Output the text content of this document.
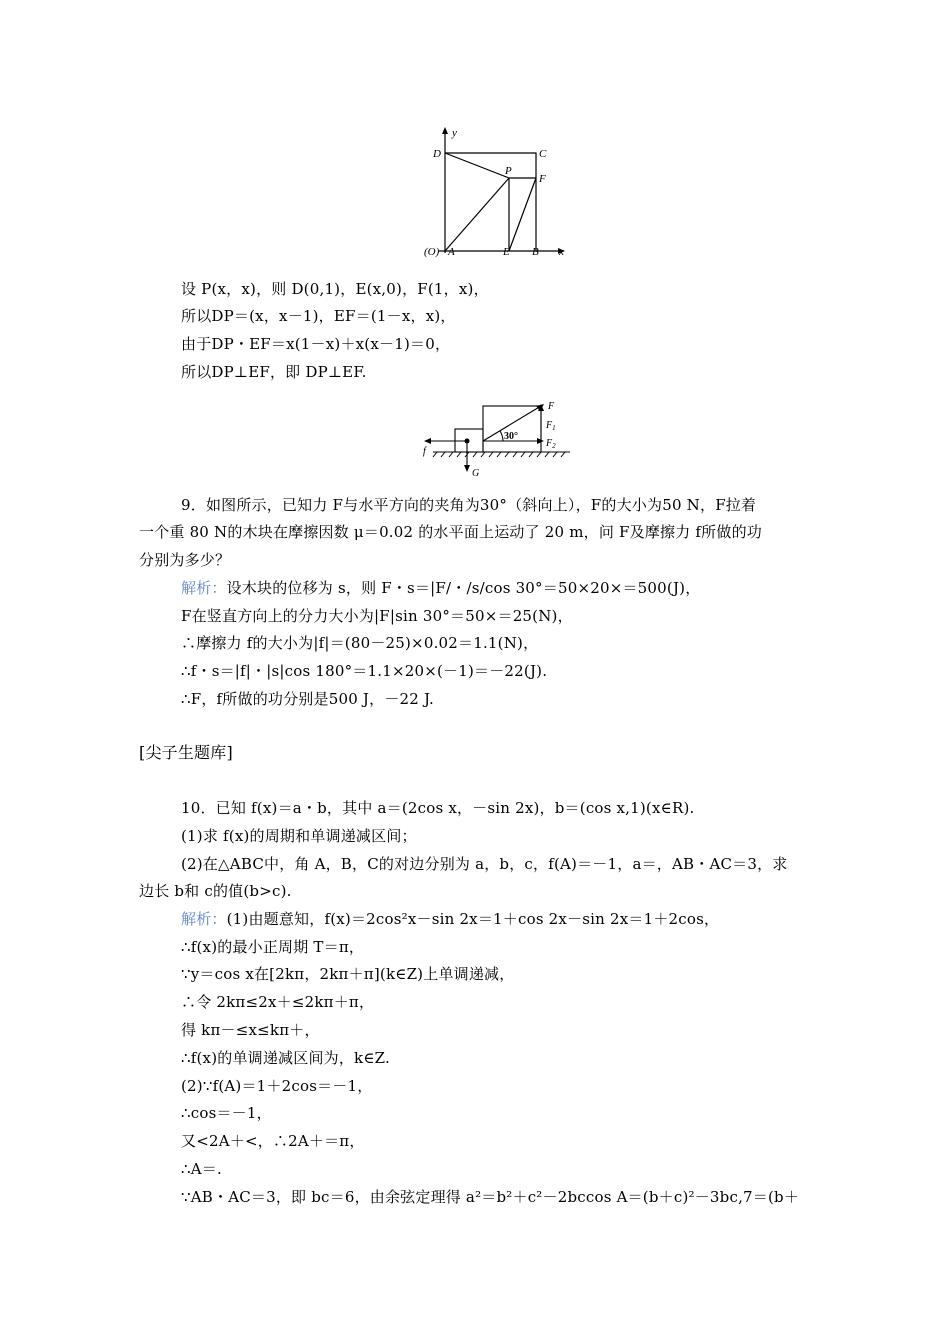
y
D	C
P
F
(O) A	E B x
设 P(x，x)，则 D(0,1)，E(x,0)，F(1，x)，
所以DP＝(x，x－1)，EF＝(1－x，x)，
由于DP・EF＝x(1－x)＋x(x－1)＝0，
所以DP⊥EF，即 DP⊥EF.
F
$F_1$
$F_2$
f
G
30°
9．如图所示，已知力 F与水平方向的夹角为30°（斜向上），F的大小为50 N，F拉着
一个重 80 N的木块在摩擦因数 μ＝0.02 的水平面上运动了 20 m，问 F及摩擦力 f所做的功
分别为多少？
解析：设木块的位移为 s，则 F・s＝|F/・/s/cos 30°＝50×20×＝500(J)，
F在竖直方向上的分力大小为|F|sin 30°＝50×＝25(N)，
∴摩擦力 f的大小为|f|＝(80－25)×0.02＝1.1(N)，
∴f・s＝|f|・|s|cos 180°＝1.1×20×(－1)＝－22(J).
∴F，f所做的功分别是500 J，－22 J.
[尖子生题库]
10．已知 f(x)＝a・b，其中 a＝(2cos x，－sin 2x)，b＝(cos x,1)(x∈R).
(1)求 f(x)的周期和单调递减区间；
(2)在△ABC中，角 A，B，C的对边分别为 a，b，c，f(A)＝－1，a＝，AB・AC＝3，求
边长 b和 c的值(b>c).
解析：(1)由题意知，f(x)＝2cos²x－sin 2x＝1＋cos 2x－sin 2x＝1＋2cos，
∴f(x)的最小正周期 T＝π，
∵y＝cos x在[2kπ，2kπ＋π](k∈Z)上单调递减，
∴令 2kπ≤2x＋≤2kπ＋π，
得 kπ－≤x≤kπ＋，
∴f(x)的单调递减区间为，k∈Z.
(2)∵f(A)＝1＋2cos＝－1，
∴cos＝－1，
又<2A＋<，∴2A＋＝π，
∴A＝.
∵AB・AC＝3，即 bc＝6，由余弦定理得 a²＝b²＋c²－2bccos A＝(b＋c)²－3bc,7＝(b＋
